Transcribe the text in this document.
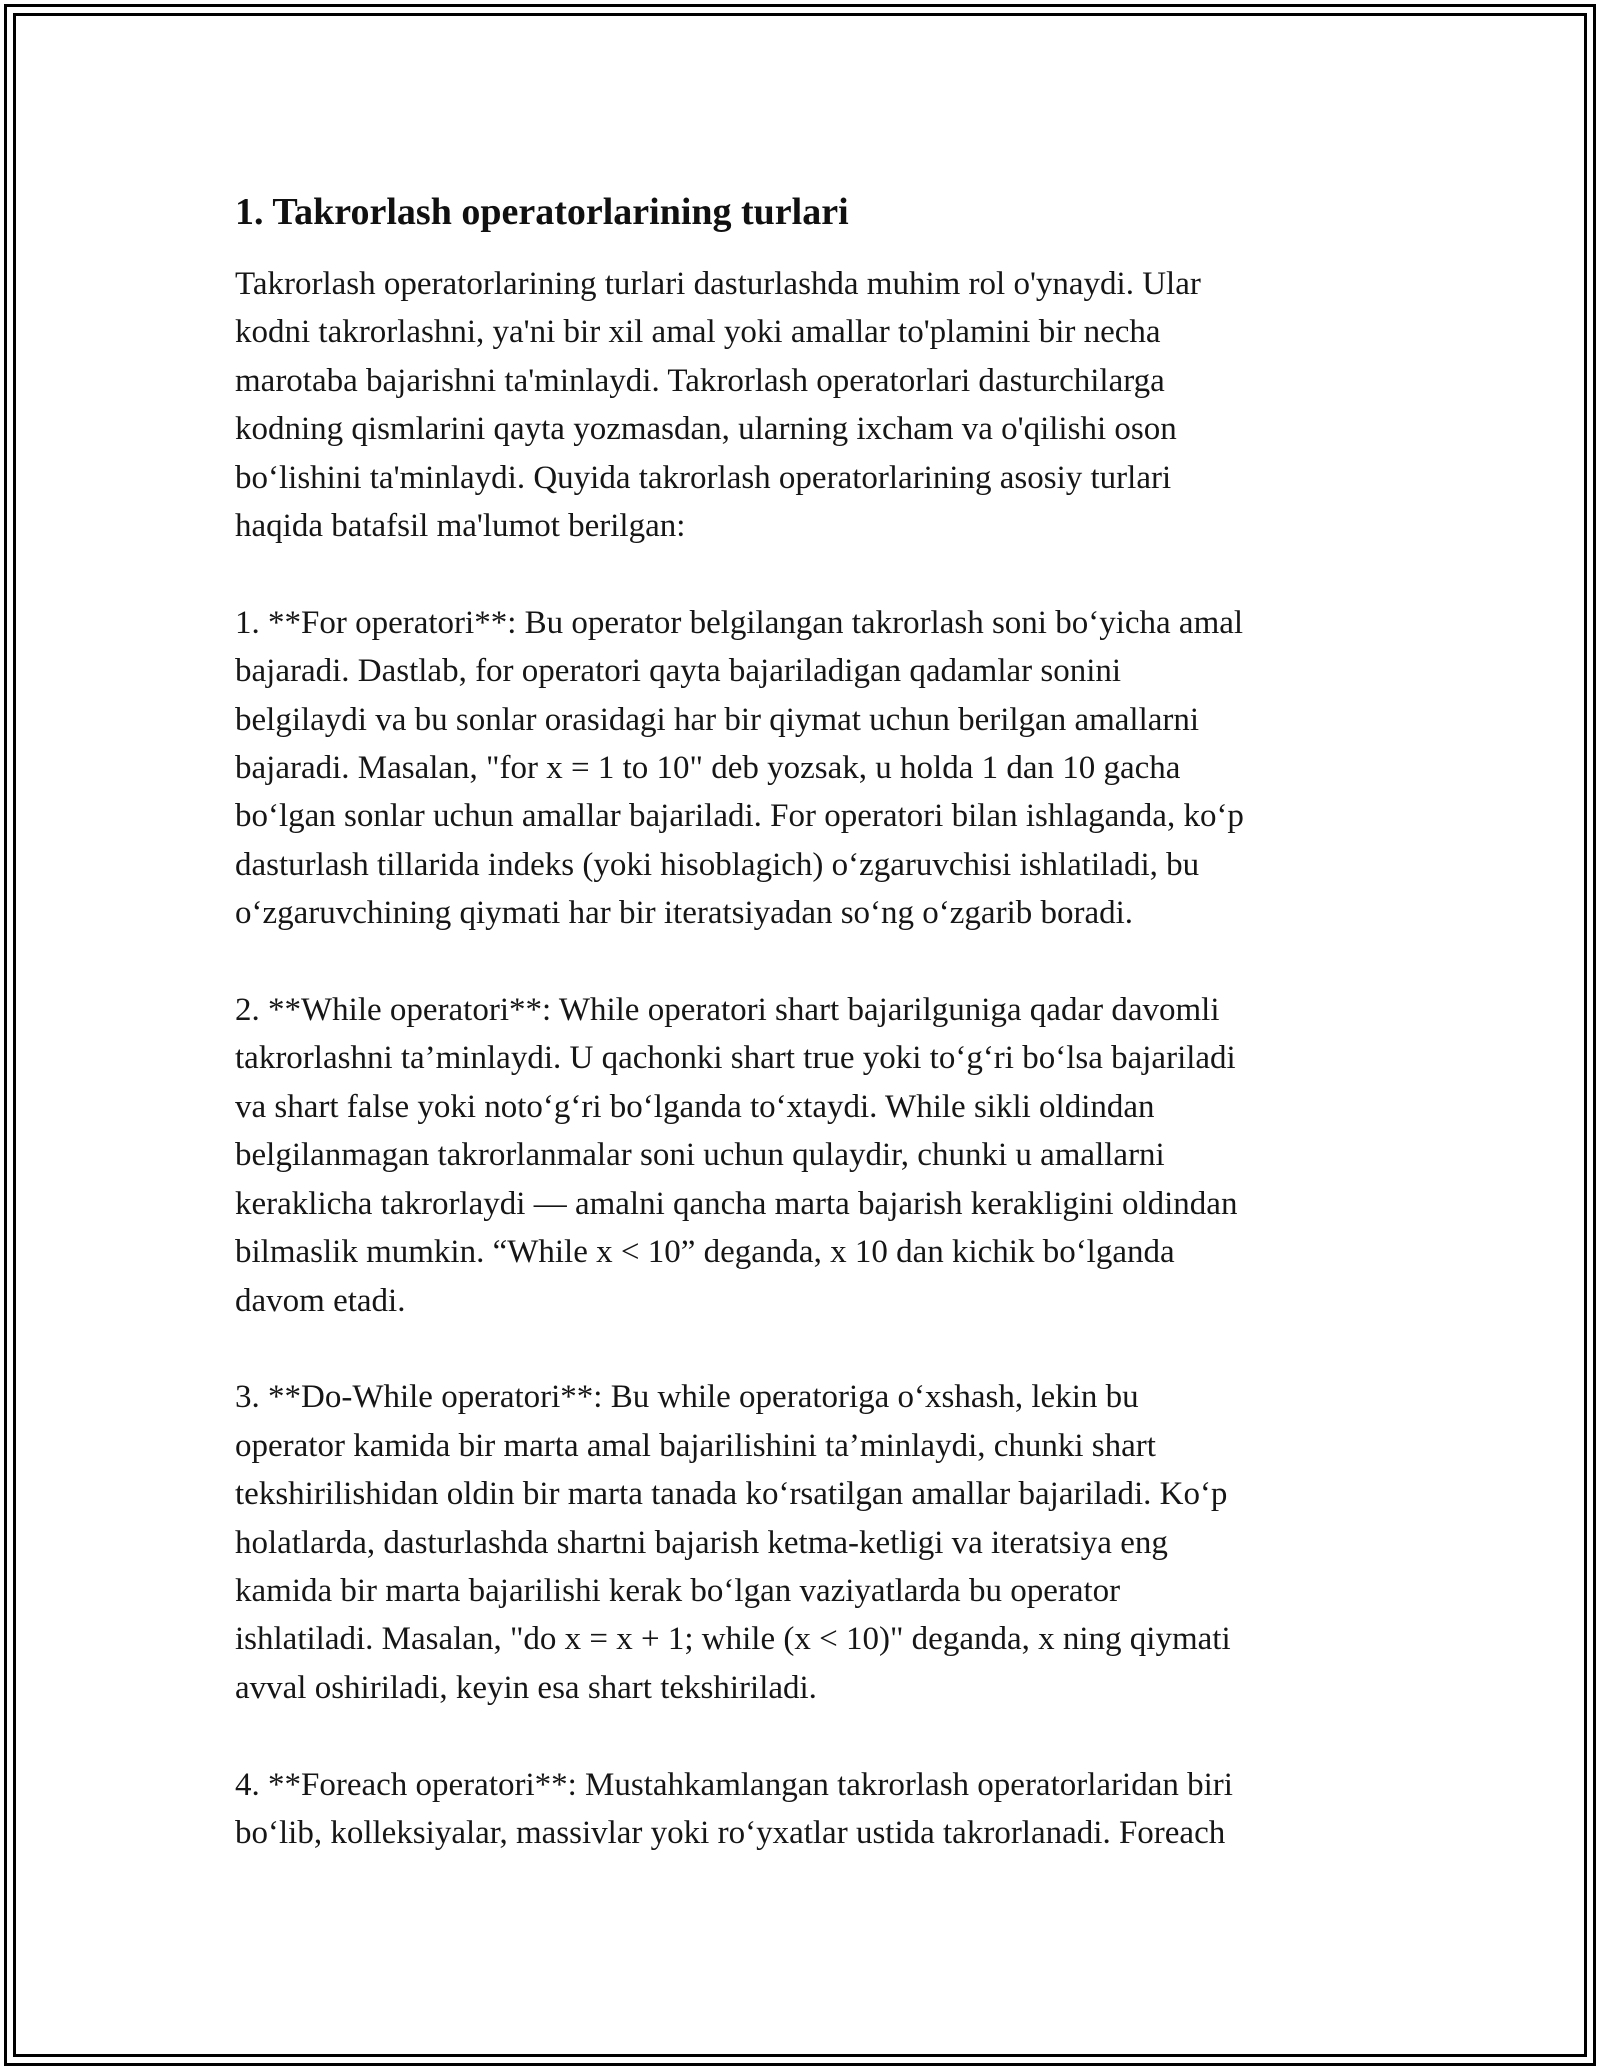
1. Takrorlash operatorlarining turlari

Takrorlash operatorlarining turlari dasturlashda muhim rol o'ynaydi. Ular
kodni takrorlashni, ya'ni bir xil amal yoki amallar to'plamini bir necha
marotaba bajarishni ta'minlaydi. Takrorlash operatorlari dasturchilarga
kodning qismlarini qayta yozmasdan, ularning ixcham va o'qilishi oson
bo‘lishini ta'minlaydi. Quyida takrorlash operatorlarining asosiy turlari
haqida batafsil ma'lumot berilgan:

1. **For operatori**: Bu operator belgilangan takrorlash soni bo‘yicha amal
bajaradi. Dastlab, for operatori qayta bajariladigan qadamlar sonini
belgilaydi va bu sonlar orasidagi har bir qiymat uchun berilgan amallarni
bajaradi. Masalan, "for x = 1 to 10" deb yozsak, u holda 1 dan 10 gacha
bo‘lgan sonlar uchun amallar bajariladi. For operatori bilan ishlaganda, ko‘p
dasturlash tillarida indeks (yoki hisoblagich) o‘zgaruvchisi ishlatiladi, bu
o‘zgaruvchining qiymati har bir iteratsiyadan so‘ng o‘zgarib boradi.

2. **While operatori**: While operatori shart bajarilguniga qadar davomli
takrorlashni ta’minlaydi. U qachonki shart true yoki to‘g‘ri bo‘lsa bajariladi
va shart false yoki noto‘g‘ri bo‘lganda to‘xtaydi. While sikli oldindan
belgilanmagan takrorlanmalar soni uchun qulaydir, chunki u amallarni
keraklicha takrorlaydi — amalni qancha marta bajarish kerakligini oldindan
bilmaslik mumkin. “While x < 10” deganda, x 10 dan kichik bo‘lganda
davom etadi.

3. **Do-While operatori**: Bu while operatoriga o‘xshash, lekin bu
operator kamida bir marta amal bajarilishini ta’minlaydi, chunki shart
tekshirilishidan oldin bir marta tanada ko‘rsatilgan amallar bajariladi. Ko‘p
holatlarda, dasturlashda shartni bajarish ketma-ketligi va iteratsiya eng
kamida bir marta bajarilishi kerak bo‘lgan vaziyatlarda bu operator
ishlatiladi. Masalan, "do x = x + 1; while (x < 10)" deganda, x ning qiymati
avval oshiriladi, keyin esa shart tekshiriladi.

4. **Foreach operatori**: Mustahkamlangan takrorlash operatorlaridan biri
bo‘lib, kolleksiyalar, massivlar yoki ro‘yxatlar ustida takrorlanadi. Foreach
